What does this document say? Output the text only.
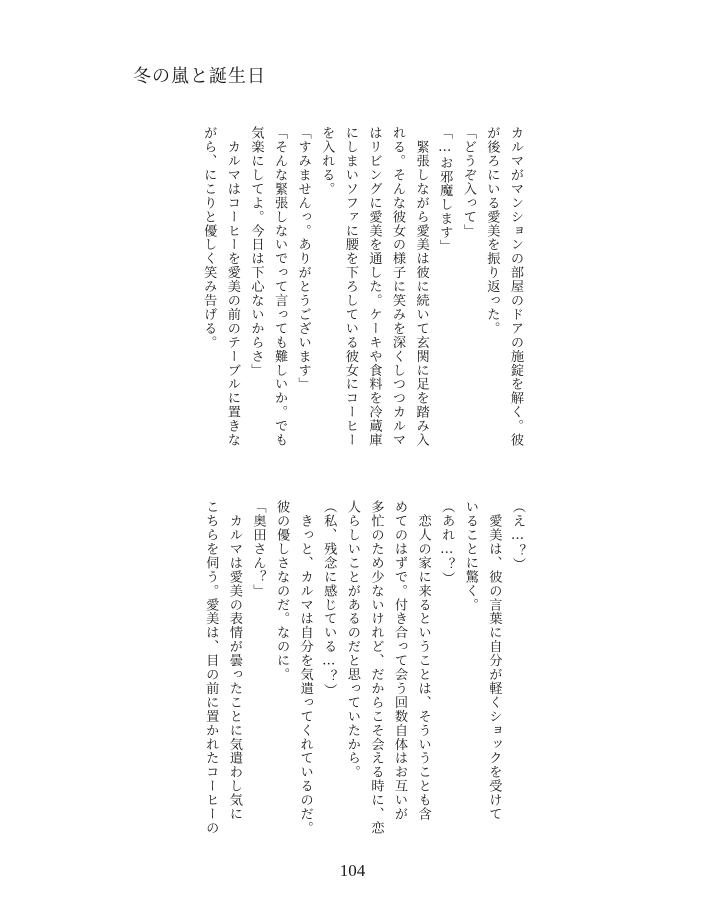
冬の嵐と誕生日
カルマがマンションの部屋のドアの施錠を解く。彼
が後ろにいる愛美を振り返った。
「どうぞ入って」
「…お邪魔します」
　緊張しながら愛美は彼に続いて玄関に足を踏み入
れる。そんな彼女の様子に笑みを深くしつつカルマ
はリビングに愛美を通した。ケーキや食料を冷蔵庫
にしまいソファに腰を下ろしている彼女にコーヒー
を入れる。
「すみませんっ。ありがとうございます」
「そんな緊張しないでって言っても難しいか。でも
気楽にしてよ。今日は下心ないからさ」
　カルマはコーヒーを愛美の前のテーブルに置きな
がら、にこりと優しく笑み告げる。
（え…？）
　愛美は、彼の言葉に自分が軽くショックを受けて
いることに驚く。
（あれ…？）
　恋人の家に来るということは、そういうことも含
めてのはずで。付き合って会う回数自体はお互いが
多忙のため少ないけれど、だからこそ会える時に、恋
人らしいことがあるのだと思っていたから。
（私、残念に感じている…？）
　きっと、カルマは自分を気遣ってくれているのだ。
彼の優しさなのだ。なのに。
「奥田さん？」
　カルマは愛美の表情が曇ったことに気遣わし気に
こちらを伺う。愛美は、目の前に置かれたコーヒーの
104
